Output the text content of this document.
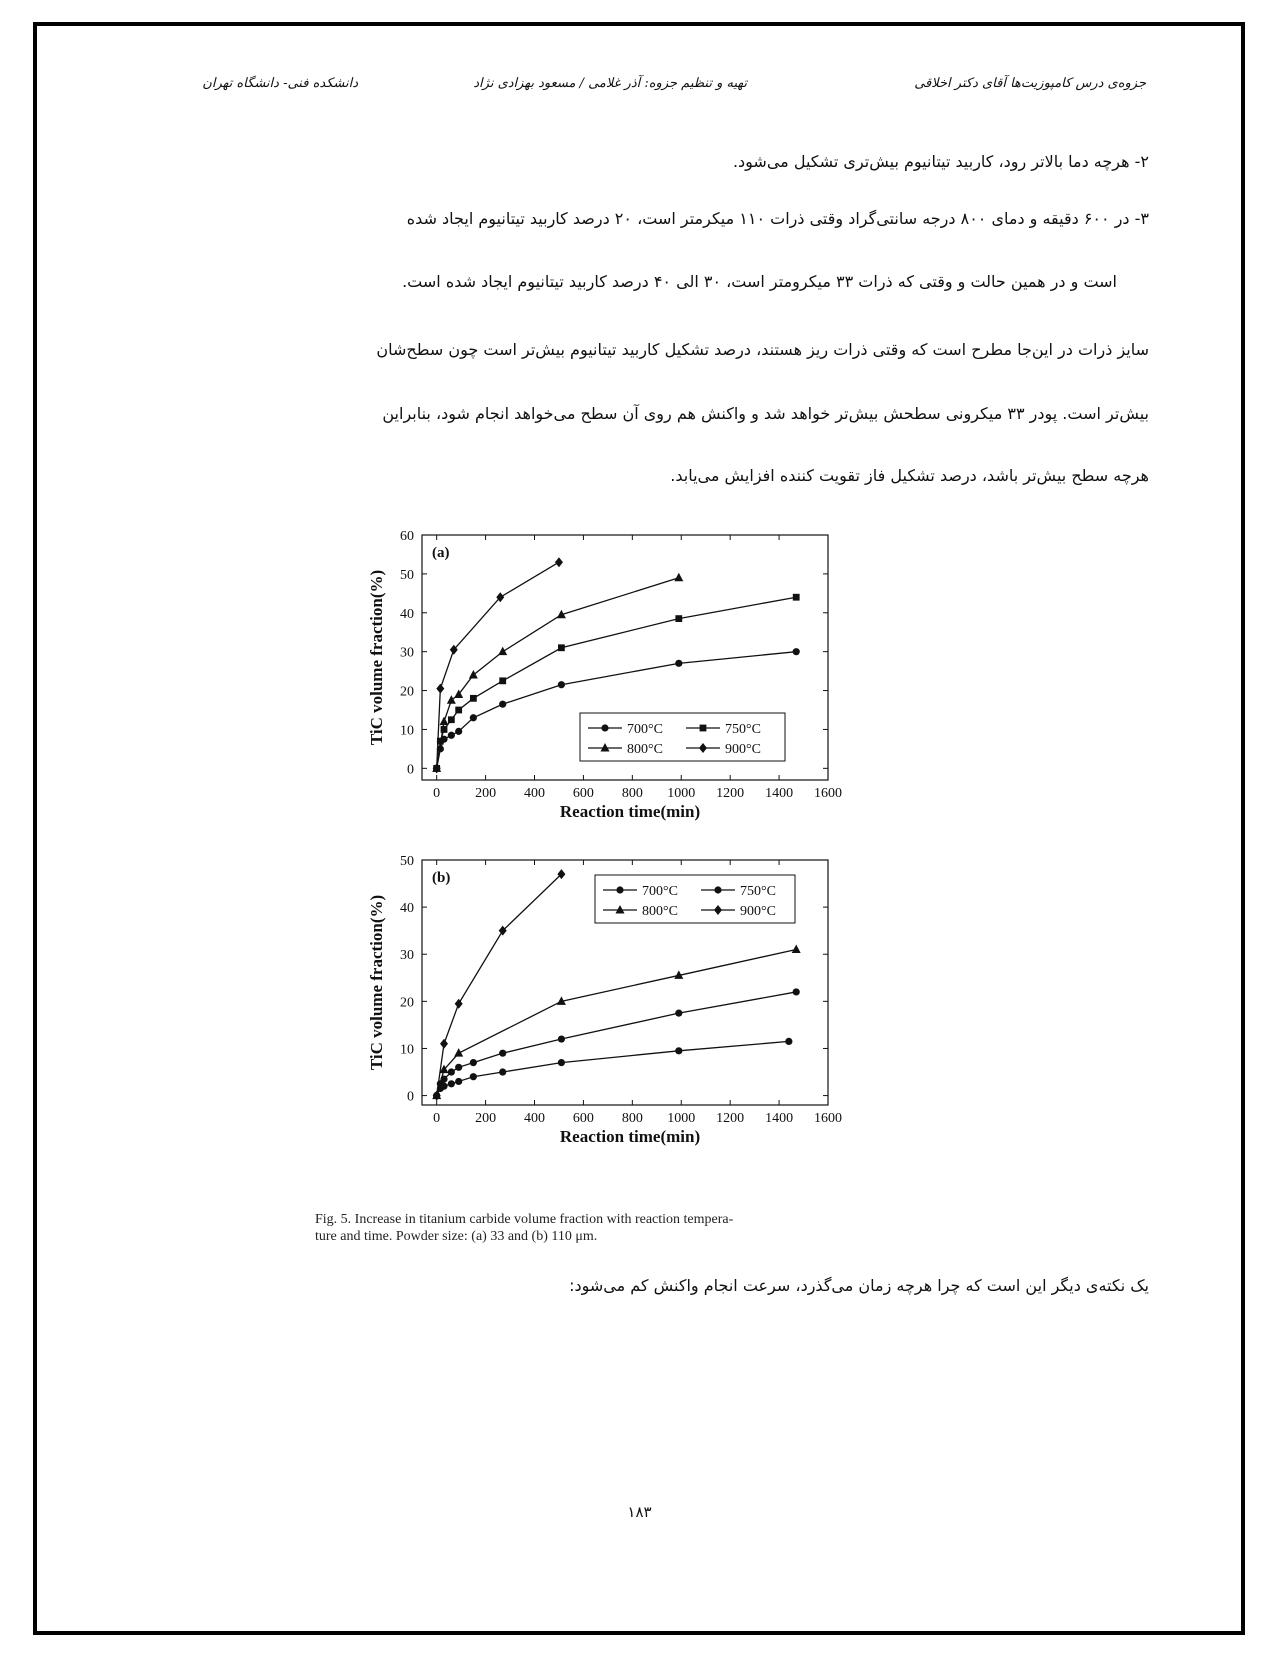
جزوه‌ی درس کامپوزیت‌ها آقای دکتر اخلاقی
تهیه و تنظیم جزوه: آذر غلامی / مسعود بهزادی نژاد
دانشکده فنی- دانشگاه تهران
۲- هرچه دما بالاتر رود، کاربید تیتانیوم بیش‌تری تشکیل می‌شود.
۳- در ۶۰۰ دقیقه و دمای ۸۰۰ درجه سانتی‌گراد وقتی ذرات ۱۱۰ میکرمتر است، ۲۰ درصد کاربید تیتانیوم ایجاد شده
است و در همین حالت و وقتی که ذرات ۳۳ میکرومتر است، ۳۰ الی ۴۰ درصد کاربید تیتانیوم ایجاد شده است.
سایز ذرات در این‌جا مطرح است که وقتی ذرات ریز هستند، درصد تشکیل کاربید تیتانیوم بیش‌تر است چون سطح‌شان
بیش‌تر است. پودر ۳۳ میکرونی سطحش بیش‌تر خواهد شد و واکنش هم روی آن سطح می‌خواهد انجام شود، بنابراین
هرچه سطح بیش‌تر باشد، درصد تشکیل فاز تقویت کننده افزایش می‌یابد.
0 200 400 600 800 1000 1200 1400 1600
0
10
20
30
40
50
60
Reaction time(min)
TiC volume fraction(%)
(a)
700°C	750°C
800°C	900°C
0 200 400 600 800 1000 1200 1400 1600
0
10
20
30
40
50
Reaction time(min)
TiC volume fraction(%)
(b)
700°C	750°C
800°C	900°C
Fig. 5. Increase in titanium carbide volume fraction with reaction tempera-
ture and time. Powder size: (a) 33 and (b) 110 μm.
یک نکته‌ی دیگر این است که چرا هرچه زمان می‌گذرد، سرعت انجام واکنش کم می‌شود:
۱۸۳
